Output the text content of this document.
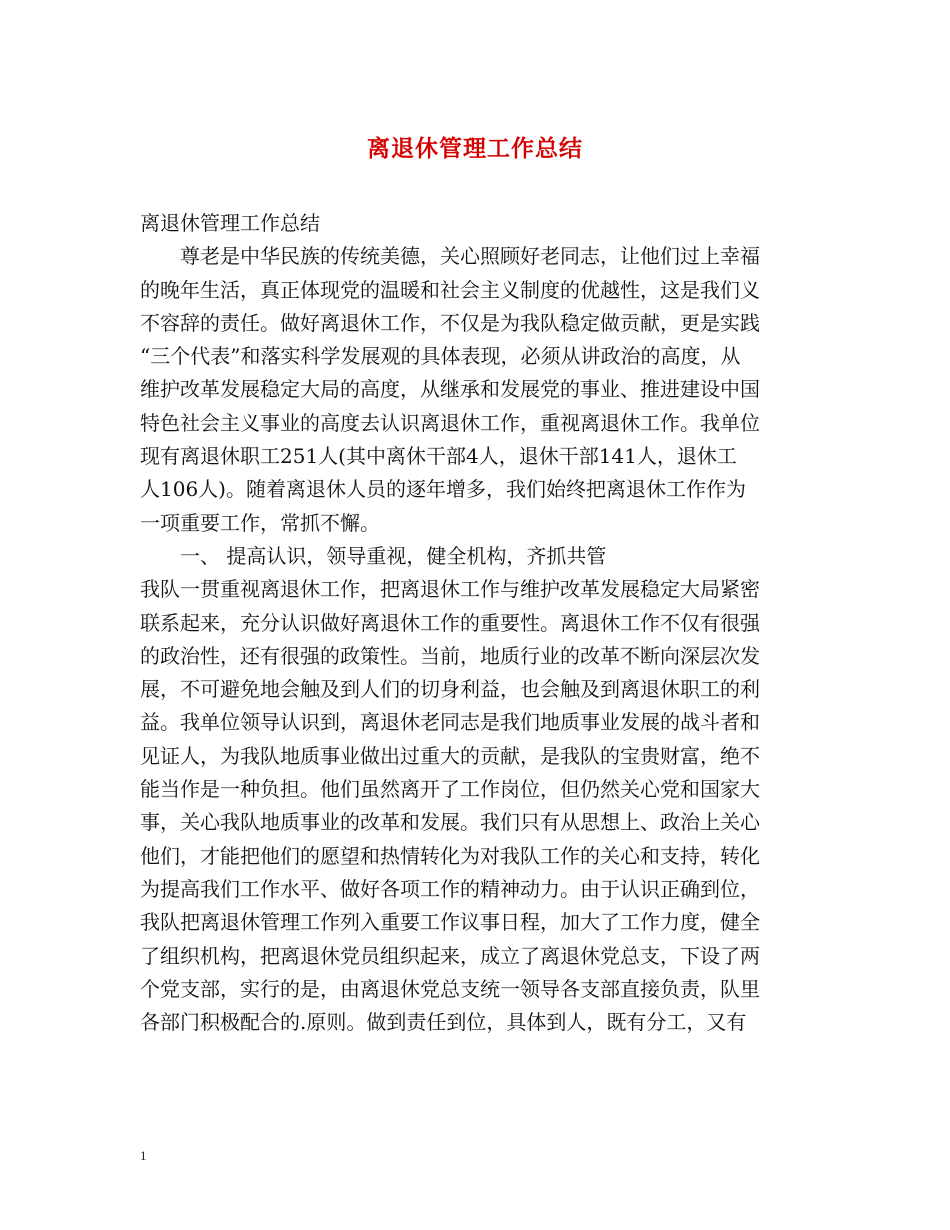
离退休管理工作总结
离退休管理工作总结
尊老是中华民族的传统美德，关心照顾好老同志，让他们过上幸福
的晚年生活，真正体现党的温暖和社会主义制度的优越性，这是我们义
不容辞的责任。做好离退休工作，不仅是为我队稳定做贡献，更是实践
“三个代表”和落实科学发展观的具体表现，必须从讲政治的高度，从
维护改革发展稳定大局的高度，从继承和发展党的事业、推进建设中国
特色社会主义事业的高度去认识离退休工作，重视离退休工作。我单位
现有离退休职工251人(其中离休干部4人，退休干部141人，退休工
人106人)。随着离退休人员的逐年增多，我们始终把离退休工作作为
一项重要工作，常抓不懈。
一、 提高认识，领导重视，健全机构，齐抓共管
我队一贯重视离退休工作，把离退休工作与维护改革发展稳定大局紧密
联系起来，充分认识做好离退休工作的重要性。离退休工作不仅有很强
的政治性，还有很强的政策性。当前，地质行业的改革不断向深层次发
展，不可避免地会触及到人们的切身利益，也会触及到离退休职工的利
益。我单位领导认识到，离退休老同志是我们地质事业发展的战斗者和
见证人，为我队地质事业做出过重大的贡献，是我队的宝贵财富，绝不
能当作是一种负担。他们虽然离开了工作岗位，但仍然关心党和国家大
事，关心我队地质事业的改革和发展。我们只有从思想上、政治上关心
他们，才能把他们的愿望和热情转化为对我队工作的关心和支持，转化
为提高我们工作水平、做好各项工作的精神动力。由于认识正确到位，
我队把离退休管理工作列入重要工作议事日程，加大了工作力度，健全
了组织机构，把离退休党员组织起来，成立了离退休党总支，下设了两
个党支部，实行的是，由离退休党总支统一领导各支部直接负责，队里
各部门积极配合的.原则。做到责任到位，具体到人，既有分工，又有
1
